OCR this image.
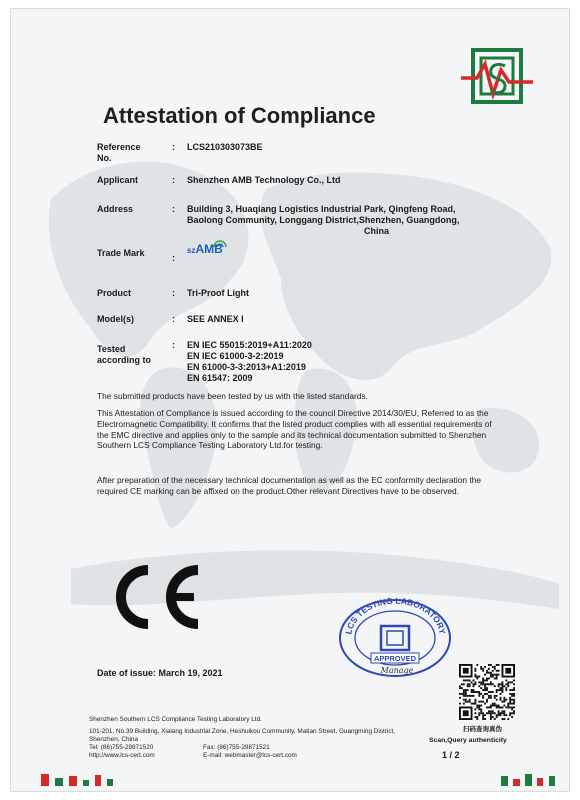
Attestation of Compliance
Reference No.
: LCS210303073BE
Applicant	: Shenzhen AMB Technology Co., Ltd
Address	: Building 3, Huaqiang Logistics Industrial Park, Qingfeng Road,
Baolong Community, Longgang District,Shenzhen, Guangdong,
China
Trade Mark	:
szAMB
Product	: Tri-Proof Light
Model(s)	: SEE ANNEX I
Tested according to
: EN IEC 55015:2019+A11:2020
EN IEC 61000-3-2:2019
EN 61000-3-3:2013+A1:2019
EN 61547: 2009
The submitted products have been tested by us with the listed standards.
This Attestation of Compliance is issued according to the council Directive 2014/30/EU, Referred to as the Electromagnetic Compatibility. It confirms that the listed product complies with all essential requirements of the EMC directive and applies only to the sample and its technical documentation submitted to Shenzhen Southern LCS Compliance Testing Laboratory Ltd.for testing.
After preparation of the necessary technical documentation as well as the EC conformity declaration the required CE marking can be affixed on the product.Other relevant Directives have to be observed.
LCS TESTING LABORATORY
APPROVED
Manage
Date of issue: March 19, 2021
扫码查询真伪
Scan,Query authenticity
Shenzhen Southern LCS Compliance Testing Laboratory Ltd.
101-201, No.39 Building, Xialang Industrial Zone, Heshuikou Community, Matian Street, Guangming District,
Shenzhen, China
Tel: (86)755-29871520
http://www.lcs-cert.com
Fax: (86)755-29871521
E-mail: webmaster@lcs-cert.com	1 / 2
